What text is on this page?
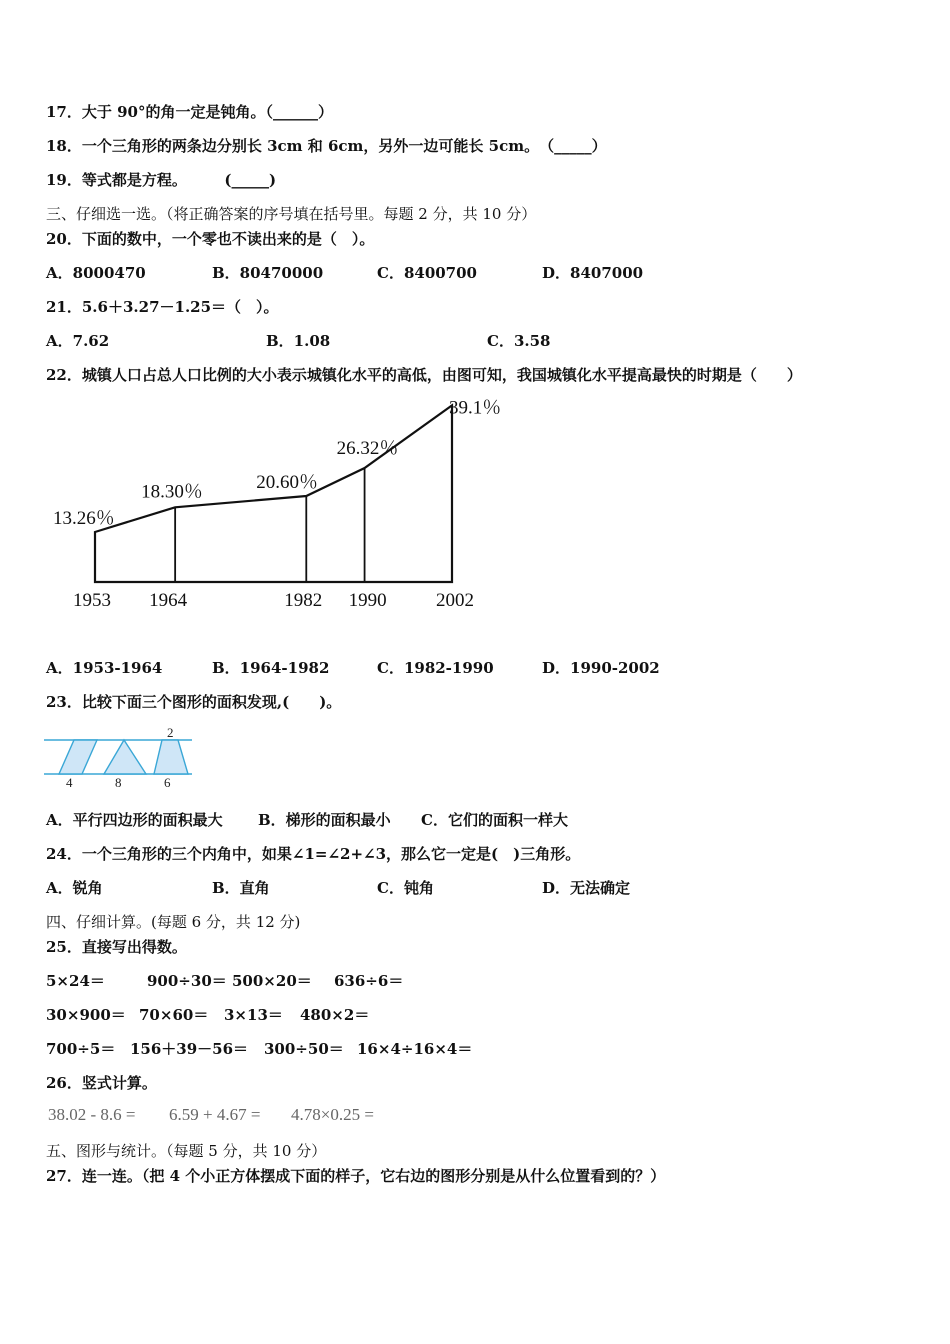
17．大于 90°的角一定是钝角。（______）
18．一个三角形的两条边分别长 3cm 和 6cm，另外一边可能长 5cm。　（_____）
19．等式都是方程。　　　(_____)
三、仔细选一选。（将正确答案的序号填在括号里。每题 2 分，共 10 分）
20．下面的数中，一个零也不读出来的是（　）。
A．8000470	B．80470000	C．8400700	D．8407000
21．5.6＋3.27－1.25＝（　）。
A．7.62	B．1.08	C．3.58
22．城镇人口占总人口比例的大小表示城镇化水平的高低，由图可知，我国城镇化水平提高最快的时期是（　　）
13.26％
18.30％	20.60％
26.32％
39.1％
1953 1964	1982 1990	2002
A．1953-1964	B．1964-1982	C．1982-1990	D．1990-2002
23．比较下面三个图形的面积发现,(　　)。
2
4	8	6
A．平行四边形的面积最大 B．梯形的面积最小 C．它们的面积一样大
24．一个三角形的三个内角中，如果∠1=∠2+∠3，那么它一定是(　)三角形。
A．锐角	B．直角	C．钝角	D．无法确定
四、仔细计算。(每题 6 分，共 12 分)
25．直接写出得数。
5×24＝	900÷30＝ 500×20＝ 636÷6＝
30×900＝ 70×60＝ 3×13＝ 480×2＝
700÷5＝ 156＋39－56＝ 300÷50＝ 16×4÷16×4＝
26．竖式计算。
38.02 - 8.6 = 6.59 + 4.67 = 4.78×0.25 =
五、图形与统计。（每题 5 分，共 10 分）
27．连一连。（把 4 个小正方体摆成下面的样子，它右边的图形分别是从什么位置看到的？）
